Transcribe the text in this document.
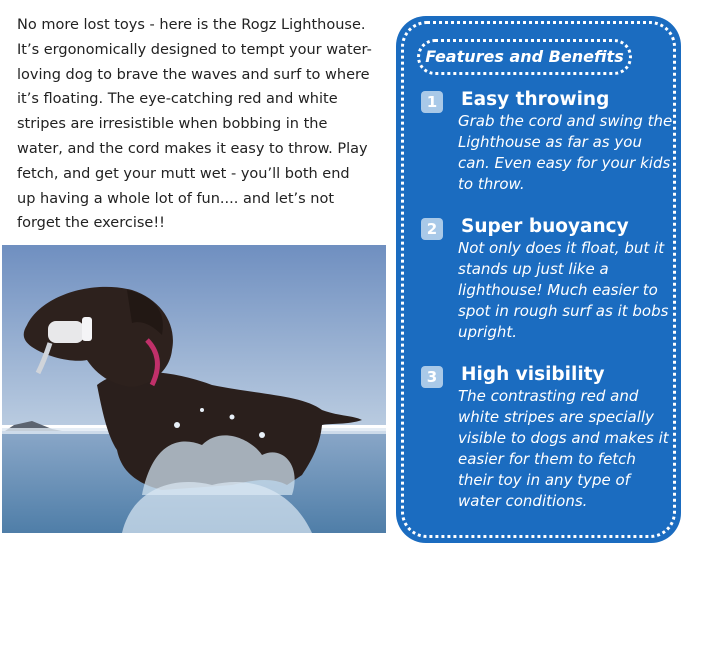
No more lost toys - here is the Rogz Lighthouse. It’s ergonomically designed to tempt your water-loving dog to brave the waves and surf to where it’s floating. The eye-catching red and white stripes are irresistible when bobbing in the water, and the cord makes it easy to throw. Play fetch, and get your mutt wet - you’ll both end up having a whole lot of fun.... and let’s not forget the exercise!!

Features and Benefits
1	Easy throwing
Grab the cord and swing the Lighthouse as far as you can. Even easy for your kids to throw.
2	Super buoyancy
Not only does it float, but it stands up just like a lighthouse! Much easier to spot in rough surf as it bobs upright.
3	High visibility
The contrasting red and white stripes are specially visible to dogs and makes it easier for them to fetch their toy in any type of water conditions.
